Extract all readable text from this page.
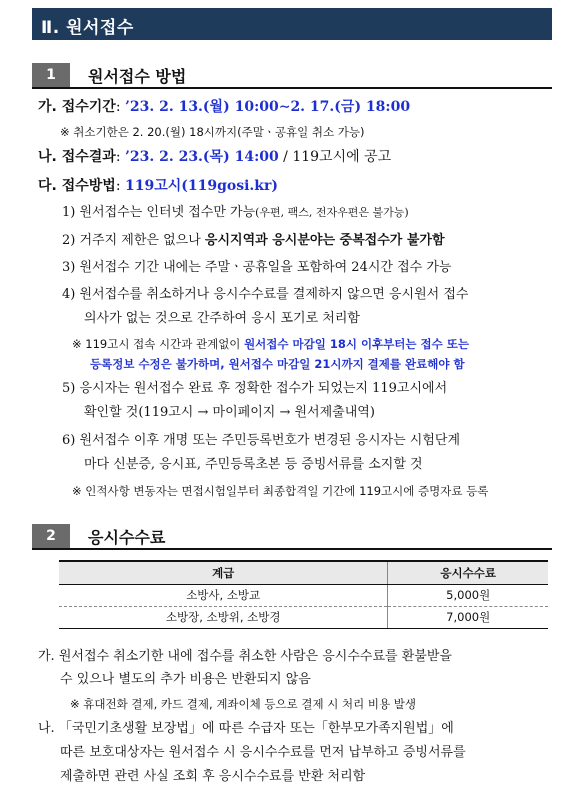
Ⅱ. 원서접수
1	원서접수 방법
가. 접수기간: ’23. 2. 13.(월) 10:00∼2. 17.(금) 18:00
※ 취소기한은 2. 20.(월) 18시까지(주말ㆍ공휴일 취소 가능)
나. 접수결과: ’23. 2. 23.(목) 14:00 / 119고시에 공고
다. 접수방법: 119고시(119gosi.kr)
1) 원서접수는 인터넷 접수만 가능(우편, 팩스, 전자우편은 불가능)
2) 거주지 제한은 없으나 응시지역과 응시분야는 중복접수가 불가함
3) 원서접수 기간 내에는 주말ㆍ공휴일을 포함하여 24시간 접수 가능
4) 원서접수를 취소하거나 응시수수료를 결제하지 않으면 응시원서 접수
의사가 없는 것으로 간주하여 응시 포기로 처리함
※ 119고시 접속 시간과 관계없이 원서접수 마감일 18시 이후부터는 접수 또는
등록정보 수정은 불가하며, 원서접수 마감일 21시까지 결제를 완료해야 함
5) 응시자는 원서접수 완료 후 정확한 접수가 되었는지 119고시에서
확인할 것(119고시 → 마이페이지 → 원서제출내역)
6) 원서접수 이후 개명 또는 주민등록번호가 변경된 응시자는 시험단계
마다 신분증, 응시표, 주민등록초본 등 증빙서류를 소지할 것
※ 인적사항 변동자는 면접시험일부터 최종합격일 기간에 119고시에 증명자료 등록
2	응시수수료
계급	응시수수료
소방사, 소방교	5,000원
소방장, 소방위, 소방경	7,000원
가. 원서접수 취소기한 내에 접수를 취소한 사람은 응시수수료를 환불받을
수 있으나 별도의 추가 비용은 반환되지 않음
※ 휴대전화 결제, 카드 결제, 계좌이체 등으로 결제 시 처리 비용 발생
나. 「국민기초생활 보장법」에 따른 수급자 또는「한부모가족지원법」에
따른 보호대상자는 원서접수 시 응시수수료를 먼저 납부하고 증빙서류를
제출하면 관련 사실 조회 후 응시수수료를 반환 처리함
